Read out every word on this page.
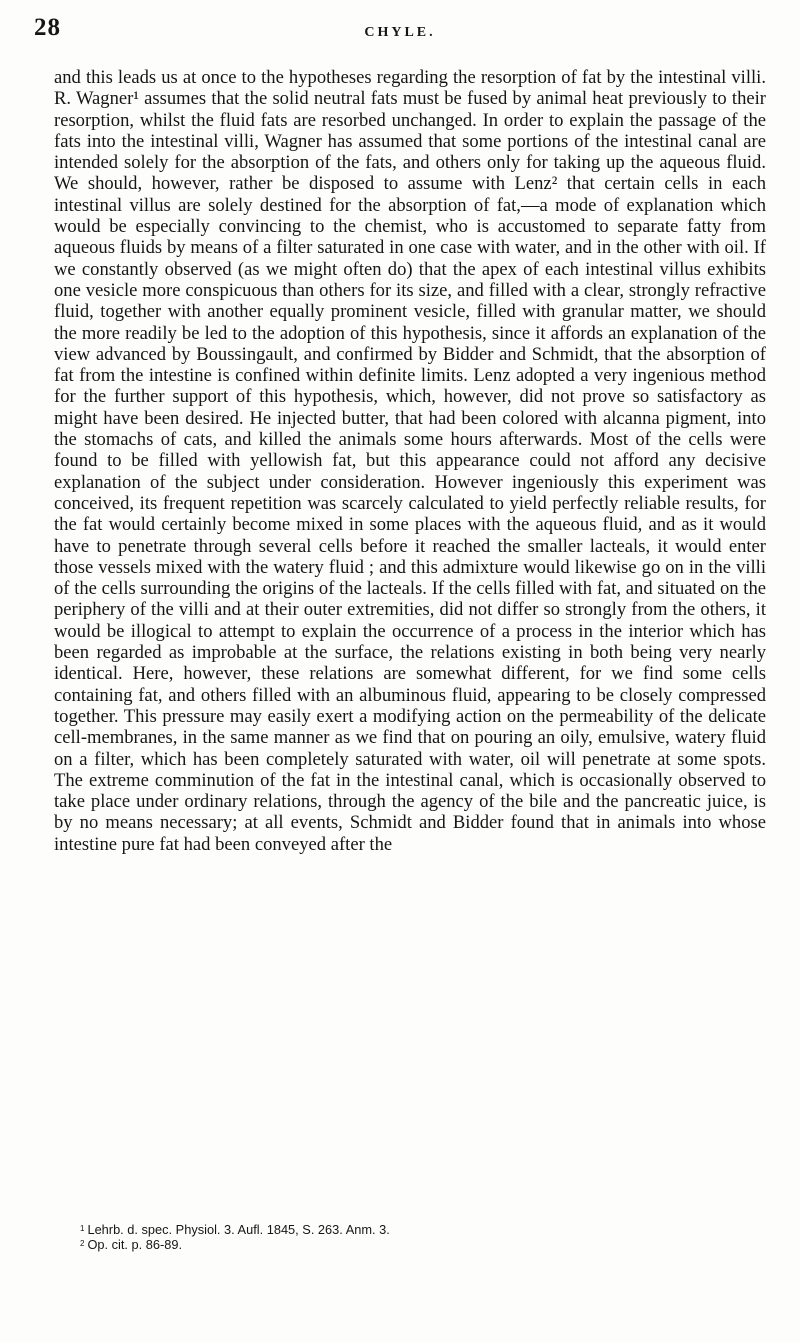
28	CHYLE.

and this leads us at once to the hypotheses regarding the resorption of fat by the intestinal villi. R. Wagner¹ assumes that the solid neutral fats must be fused by animal heat previously to their resorption, whilst the fluid fats are resorbed unchanged. In order to explain the passage of the fats into the intestinal villi, Wagner has assumed that some portions of the intestinal canal are intended solely for the absorption of the fats, and others only for taking up the aqueous fluid. We should, however, rather be disposed to assume with Lenz² that certain cells in each intestinal villus are solely destined for the absorption of fat,—a mode of explanation which would be especially convincing to the chemist, who is accustomed to separate fatty from aqueous fluids by means of a filter saturated in one case with water, and in the other with oil. If we constantly observed (as we might often do) that the apex of each intestinal villus exhibits one vesicle more conspicuous than others for its size, and filled with a clear, strongly refractive fluid, together with another equally prominent vesicle, filled with granular matter, we should the more readily be led to the adoption of this hypothesis, since it affords an explanation of the view advanced by Boussingault, and confirmed by Bidder and Schmidt, that the absorption of fat from the intestine is confined within definite limits. Lenz adopted a very ingenious method for the further support of this hypothesis, which, however, did not prove so satisfactory as might have been desired. He injected butter, that had been colored with alcanna pigment, into the stomachs of cats, and killed the animals some hours afterwards. Most of the cells were found to be filled with yellowish fat, but this appearance could not afford any decisive explanation of the subject under consideration. However ingeniously this experiment was conceived, its frequent repetition was scarcely calculated to yield perfectly reliable results, for the fat would certainly become mixed in some places with the aqueous fluid, and as it would have to penetrate through several cells before it reached the smaller lacteals, it would enter those vessels mixed with the watery fluid ; and this admixture would likewise go on in the villi of the cells surrounding the origins of the lacteals. If the cells filled with fat, and situated on the periphery of the villi and at their outer extremities, did not differ so strongly from the others, it would be illogical to attempt to explain the occurrence of a process in the interior which has been regarded as improbable at the surface, the relations existing in both being very nearly identical. Here, however, these relations are somewhat different, for we find some cells containing fat, and others filled with an albuminous fluid, appearing to be closely compressed together. This pressure may easily exert a modifying action on the permeability of the delicate cell-membranes, in the same manner as we find that on pouring an oily, emulsive, watery fluid on a filter, which has been completely saturated with water, oil will penetrate at some spots. The extreme comminution of the fat in the intestinal canal, which is occasionally observed to take place under ordinary relations, through the agency of the bile and the pancreatic juice, is by no means necessary; at all events, Schmidt and Bidder found that in animals into whose intestine pure fat had been conveyed after the

$^1$ Lehrb. d. spec. Physiol. 3. Aufl. 1845, S. 263. Anm. 3.

$^2$ Op. cit. p. 86-89.
